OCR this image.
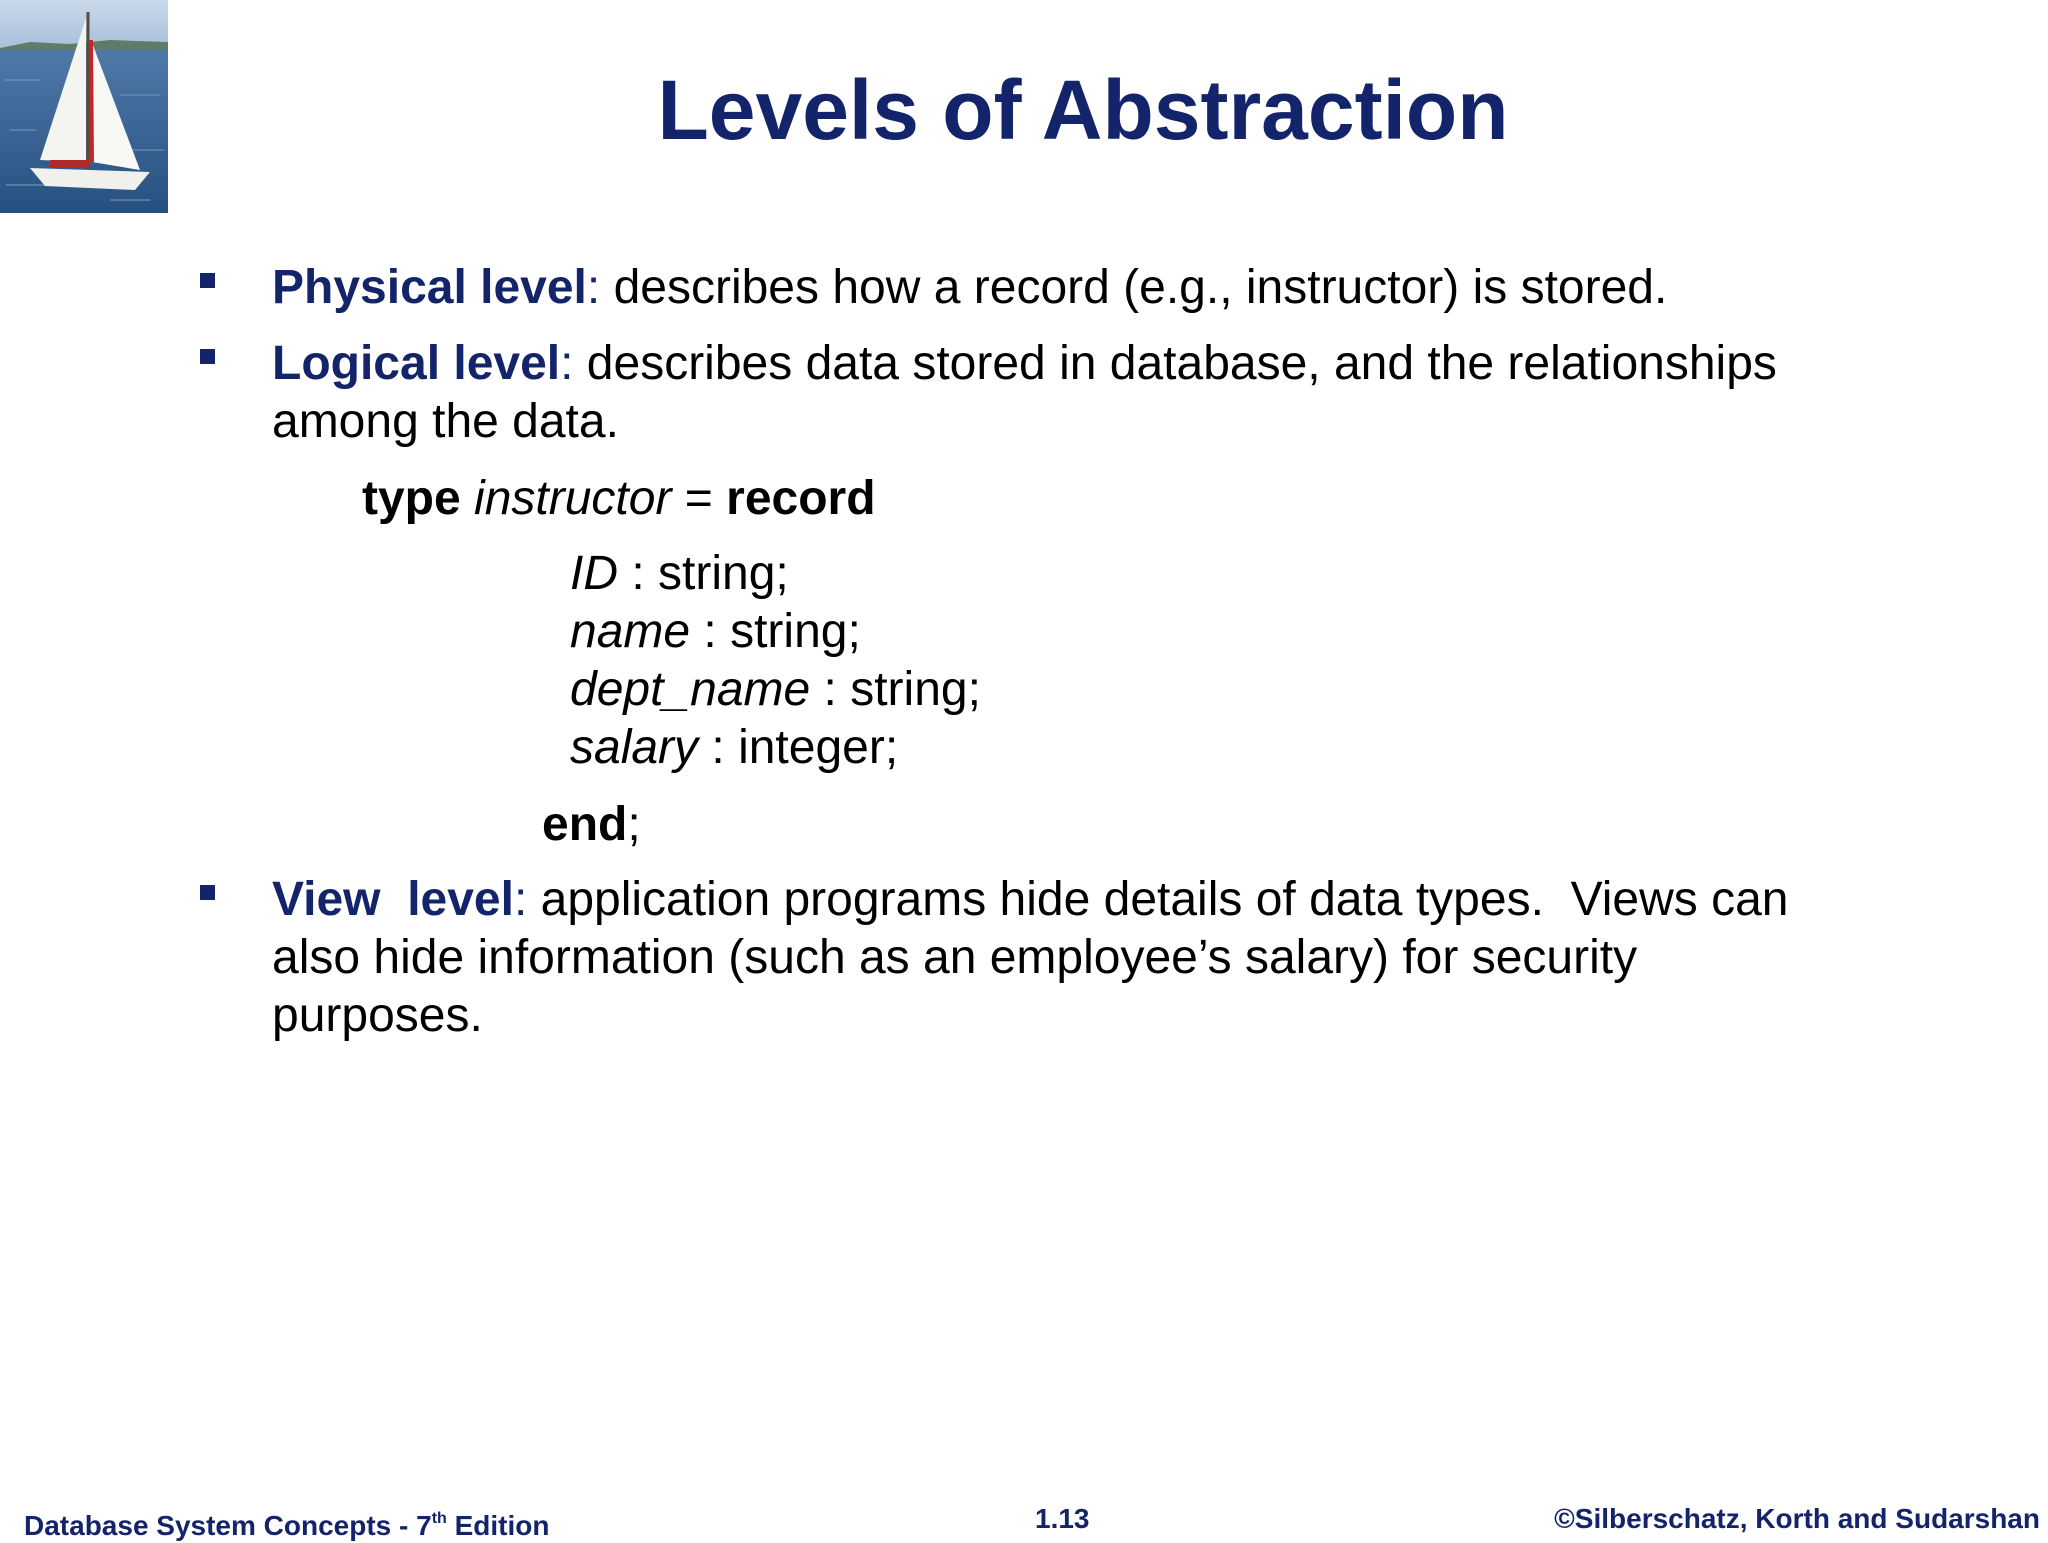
Levels of Abstraction
Physical level: describes how a record (e.g., instructor) is stored.
Logical level: describes data stored in database, and the relationships
among the data.
type instructor = record
ID : string;
name : string;
dept_name : string;
salary : integer;
end;
View  level: application programs hide details of data types.  Views can
also hide information (such as an employee’s salary) for security
purposes.
Database System Concepts - 7th Edition	1.13	©Silberschatz, Korth and Sudarshan
